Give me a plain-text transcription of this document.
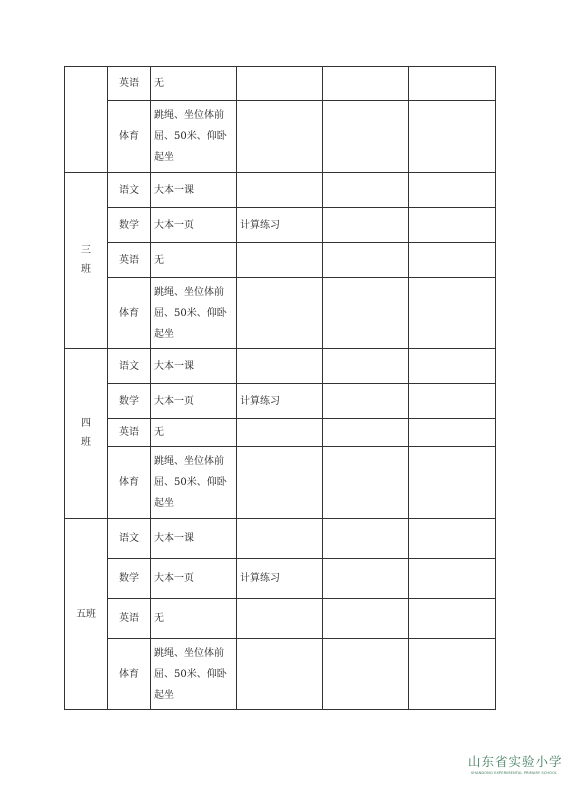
	英语	无			
	体育	跳绳、坐位体前屈、50米、仰卧起坐			
三班	语文	大本一课			
	数学	大本一页	计算练习		
	英语	无			
	体育	跳绳、坐位体前屈、50米、仰卧起坐			
四班	语文	大本一课			
	数学	大本一页	计算练习		
	英语	无			
	体育	跳绳、坐位体前屈、50米、仰卧起坐			
五班	语文	大本一课			
	数学	大本一页	计算练习		
	英语	无			
	体育	跳绳、坐位体前屈、50米、仰卧起坐			
山东省实验小学
SHANDONG EXPERIMENTAL PRIMARY SCHOOL
